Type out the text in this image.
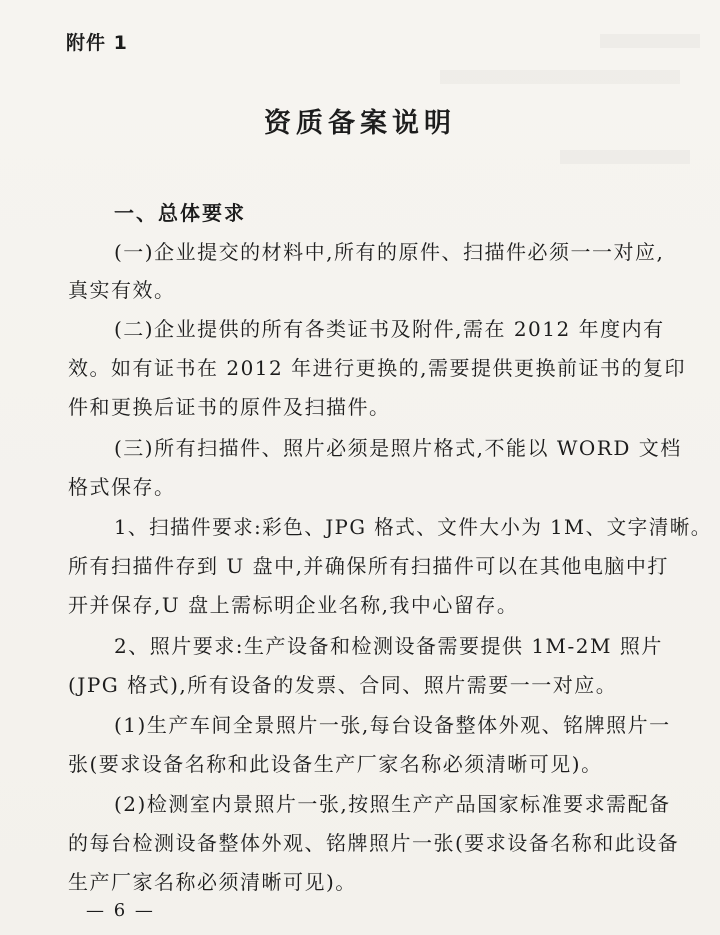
附件 1
资质备案说明
一、总体要求
(一)企业提交的材料中,所有的原件、扫描件必须一一对应,
真实有效。
(二)企业提供的所有各类证书及附件,需在 2012 年度内有
效。如有证书在 2012 年进行更换的,需要提供更换前证书的复印
件和更换后证书的原件及扫描件。
(三)所有扫描件、照片必须是照片格式,不能以 WORD 文档
格式保存。
1、扫描件要求:彩色、JPG 格式、文件大小为 1M、文字清晰。
所有扫描件存到 U 盘中,并确保所有扫描件可以在其他电脑中打
开并保存,U 盘上需标明企业名称,我中心留存。
2、照片要求:生产设备和检测设备需要提供 1M-2M 照片
(JPG 格式),所有设备的发票、合同、照片需要一一对应。
(1)生产车间全景照片一张,每台设备整体外观、铭牌照片一
张(要求设备名称和此设备生产厂家名称必须清晰可见)。
(2)检测室内景照片一张,按照生产产品国家标准要求需配备
的每台检测设备整体外观、铭牌照片一张(要求设备名称和此设备
生产厂家名称必须清晰可见)。
— 6 —
